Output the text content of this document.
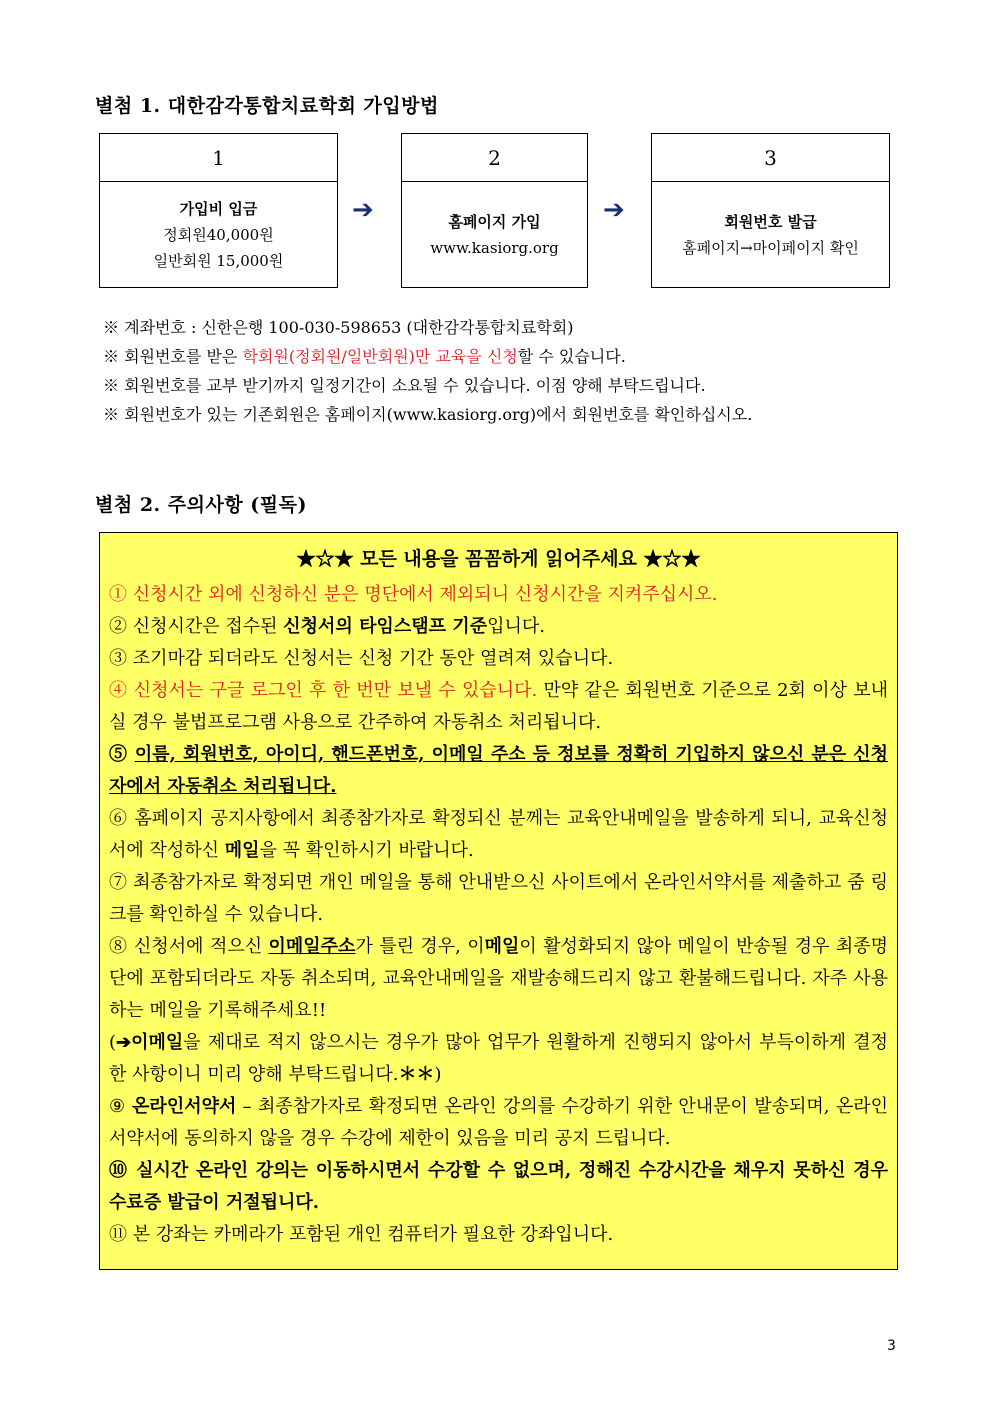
별첨 1. 대한감각통합치료학회 가입방법
1
가입비 입금
정회원40,000원
일반회원 15,000원
➔
2
홈페이지 가입
www.kasiorg.org
➔
3
회원번호 발급
홈페이지→마이페이지 확인
※ 계좌번호 : 신한은행 100-030-598653 (대한감각통합치료학회)
※ 회원번호를 받은 학회원(정회원/일반회원)만 교육을 신청할 수 있습니다.
※ 회원번호를 교부 받기까지 일정기간이 소요될 수 있습니다. 이점 양해 부탁드립니다.
※ 회원번호가 있는 기존회원은 홈페이지(www.kasiorg.org)에서 회원번호를 확인하십시오.
별첨 2. 주의사항 (필독)
★☆★ 모든 내용을 꼼꼼하게 읽어주세요 ★☆★

① 신청시간 외에 신청하신 분은 명단에서 제외되니 신청시간을 지켜주십시오.

② 신청시간은 접수된 신청서의 타임스탬프 기준입니다.

③ 조기마감 되더라도 신청서는 신청 기간 동안 열려져 있습니다.

④ 신청서는 구글 로그인 후 한 번만 보낼 수 있습니다. 만약 같은 회원번호 기준으로 2회 이상 보내실 경우 불법프로그램 사용으로 간주하여 자동취소 처리됩니다.

⑤ 이름, 회원번호, 아이디, 핸드폰번호, 이메일 주소 등 정보를 정확히 기입하지 않으신 분은 신청자에서 자동취소 처리됩니다.

⑥ 홈페이지 공지사항에서 최종참가자로 확정되신 분께는 교육안내메일을 발송하게 되니, 교육신청서에 작성하신 메일을 꼭 확인하시기 바랍니다.

⑦ 최종참가자로 확정되면 개인 메일을 통해 안내받으신 사이트에서 온라인서약서를 제출하고 줌 링크를 확인하실 수 있습니다.

⑧ 신청서에 적으신 이메일주소가 틀린 경우, 이메일이 활성화되지 않아 메일이 반송될 경우 최종명단에 포함되더라도 자동 취소되며, 교육안내메일을 재발송해드리지 않고 환불해드립니다. 자주 사용하는 메일을 기록해주세요!!

(➔이메일을 제대로 적지 않으시는 경우가 많아 업무가 원활하게 진행되지 않아서 부득이하게 결정한 사항이니 미리 양해 부탁드립니다.＊＊)

⑨ 온라인서약서 – 최종참가자로 확정되면 온라인 강의를 수강하기 위한 안내문이 발송되며, 온라인 서약서에 동의하지 않을 경우 수강에 제한이 있음을 미리 공지 드립니다.

⑩ 실시간 온라인 강의는 이동하시면서 수강할 수 없으며, 정해진 수강시간을 채우지 못하신 경우 수료증 발급이 거절됩니다.

⑪ 본 강좌는 카메라가 포함된 개인 컴퓨터가 필요한 강좌입니다.

3
